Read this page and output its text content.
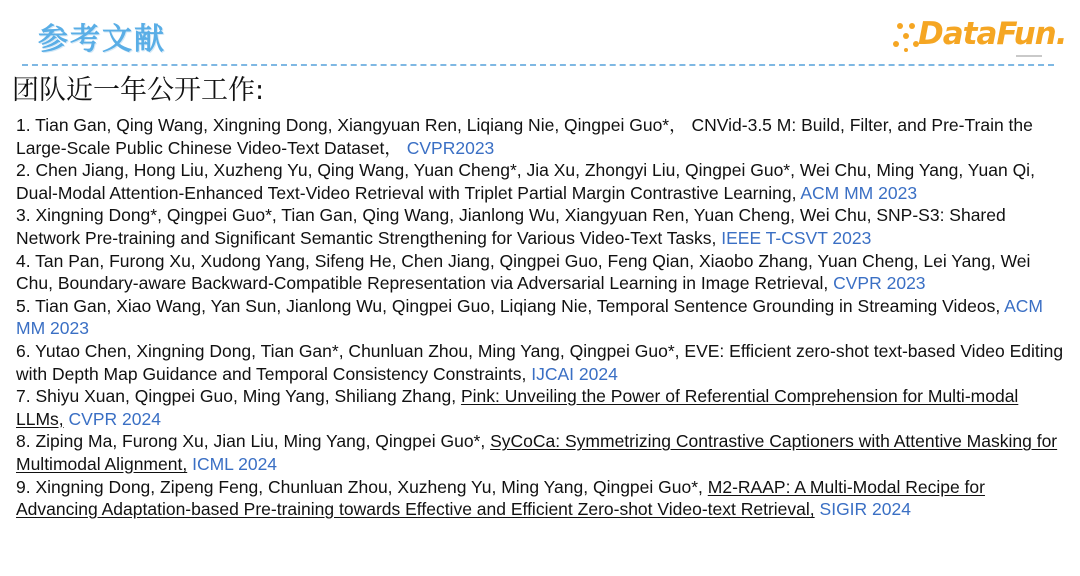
参考文献	DataFun.
团队近一年公开工作:
1. Tian Gan, Qing Wang, Xingning Dong, Xiangyuan Ren, Liqiang Nie, Qingpei Guo*， CNVid-3.5 M: Build, Filter, and Pre-Train the Large-Scale Public Chinese Video-Text Dataset， CVPR2023
2. Chen Jiang, Hong Liu, Xuzheng Yu, Qing Wang, Yuan Cheng*, Jia Xu, Zhongyi Liu, Qingpei Guo*, Wei Chu, Ming Yang, Yuan Qi, Dual-Modal Attention-Enhanced Text-Video Retrieval with Triplet Partial Margin Contrastive Learning, ACM MM 2023
3. Xingning Dong*, Qingpei Guo*, Tian Gan, Qing Wang, Jianlong Wu, Xiangyuan Ren, Yuan Cheng, Wei Chu, SNP-S3: Shared Network Pre-training and Significant Semantic Strengthening for Various Video-Text Tasks, IEEE T-CSVT 2023
4. Tan Pan, Furong Xu, Xudong Yang, Sifeng He, Chen Jiang, Qingpei Guo, Feng Qian, Xiaobo Zhang, Yuan Cheng, Lei Yang, Wei Chu, Boundary-aware Backward-Compatible Representation via Adversarial Learning in Image Retrieval, CVPR 2023
5. Tian Gan, Xiao Wang, Yan Sun, Jianlong Wu, Qingpei Guo, Liqiang Nie, Temporal Sentence Grounding in Streaming Videos, ACM MM 2023
6. Yutao Chen, Xingning Dong, Tian Gan*, Chunluan Zhou, Ming Yang, Qingpei Guo*, EVE: Efficient zero-shot text-based Video Editing with Depth Map Guidance and Temporal Consistency Constraints, IJCAI 2024
7. Shiyu Xuan, Qingpei Guo, Ming Yang, Shiliang Zhang, Pink: Unveiling the Power of Referential Comprehension for Multi-modal LLMs, CVPR 2024
8. Ziping Ma, Furong Xu, Jian Liu, Ming Yang, Qingpei Guo*, SyCoCa: Symmetrizing Contrastive Captioners with Attentive Masking for Multimodal Alignment, ICML 2024
9. Xingning Dong, Zipeng Feng, Chunluan Zhou, Xuzheng Yu, Ming Yang, Qingpei Guo*, M2-RAAP: A Multi-Modal Recipe for Advancing Adaptation-based Pre-training towards Effective and Efficient Zero-shot Video-text Retrieval, SIGIR 2024
